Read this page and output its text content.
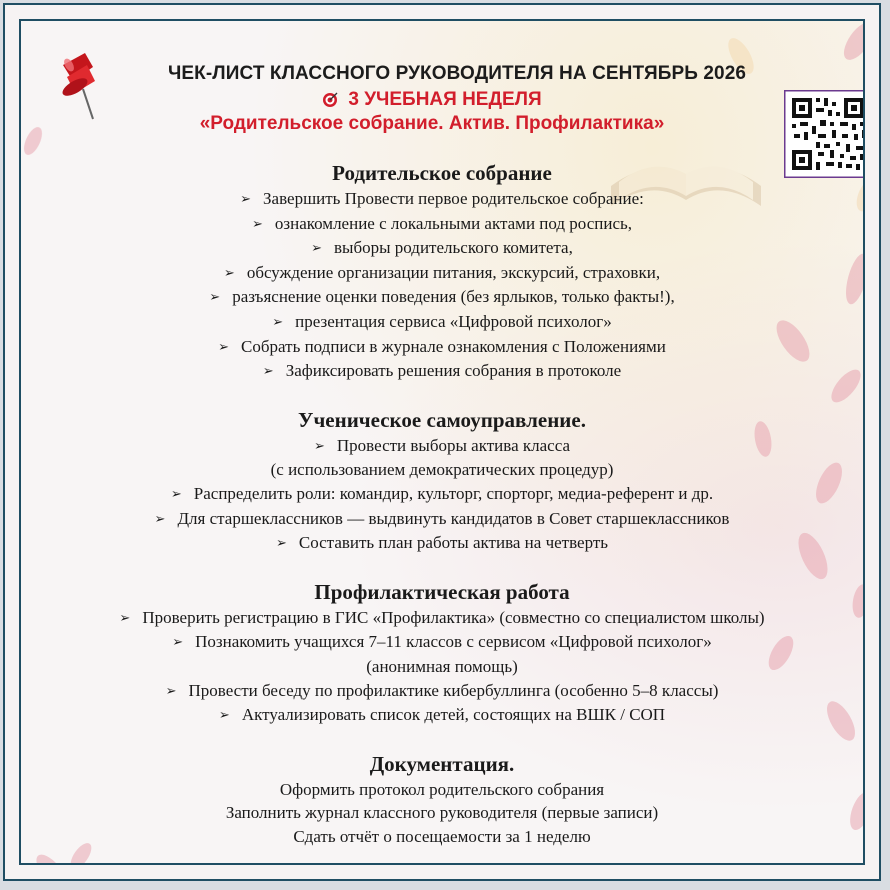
ЧЕК-ЛИСТ КЛАССНОГО РУКОВОДИТЕЛЯ НА СЕНТЯБРЬ 2026
3 УЧЕБНАЯ НЕДЕЛЯ
«Родительское собрание. Актив. Профилактика»
Родительское собрание
➢ Завершить Провести первое родительское собрание:
➢ ознакомление с локальными актами под роспись,
➢ выборы родительского комитета,
➢ обсуждение организации питания, экскурсий, страховки,
➢ разъяснение оценки поведения (без ярлыков, только факты!),
➢ презентация сервиса «Цифровой психолог»
➢ Собрать подписи в журнале ознакомления с Положениями
➢ Зафиксировать решения собрания в протоколе
Ученическое самоуправление.
➢ Провести выборы актива класса
(с использованием демократических процедур)
➢ Распределить роли: командир, культорг, спорторг, медиа-референт и др.
➢ Для старшеклассников — выдвинуть кандидатов в Совет старшеклассников
➢ Составить план работы актива на четверть
Профилактическая работа
➢ Проверить регистрацию в ГИС «Профилактика» (совместно со специалистом школы)
➢ Познакомить учащихся 7–11 классов с сервисом «Цифровой психолог»
(анонимная помощь)
➢ Провести беседу по профилактике кибербуллинга (особенно 5–8 классы)
➢ Актуализировать список детей, состоящих на ВШК / СОП
Документация.
Оформить протокол родительского собрания
Заполнить журнал классного руководителя (первые записи)
Сдать отчёт о посещаемости за 1 неделю
